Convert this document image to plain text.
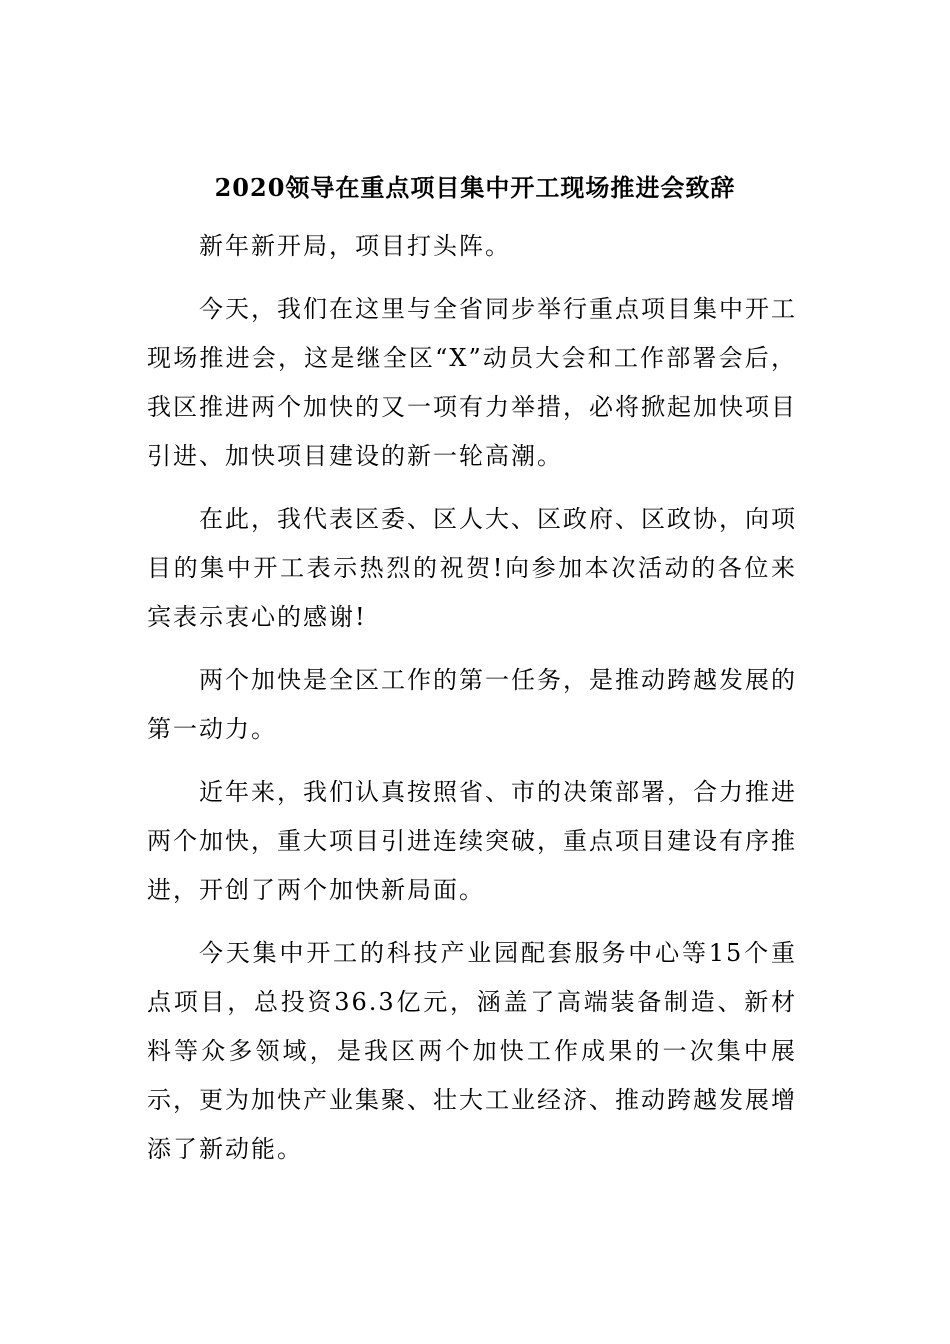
2020领导在重点项目集中开工现场推进会致辞

新年新开局，项目打头阵。

今天，我们在这里与全省同步举行重点项目集中开工现场推进会，这是继全区“X”动员大会和工作部署会后，我区推进两个加快的又一项有力举措，必将掀起加快项目引进、加快项目建设的新一轮高潮。

在此，我代表区委、区人大、区政府、区政协，向项目的集中开工表示热烈的祝贺!向参加本次活动的各位来宾表示衷心的感谢!

两个加快是全区工作的第一任务，是推动跨越发展的第一动力。

近年来，我们认真按照省、市的决策部署，合力推进两个加快，重大项目引进连续突破，重点项目建设有序推进，开创了两个加快新局面。

今天集中开工的科技产业园配套服务中心等15个重点项目，总投资36.3亿元，涵盖了高端装备制造、新材料等众多领域，是我区两个加快工作成果的一次集中展示，更为加快产业集聚、壮大工业经济、推动跨越发展增添了新动能。
